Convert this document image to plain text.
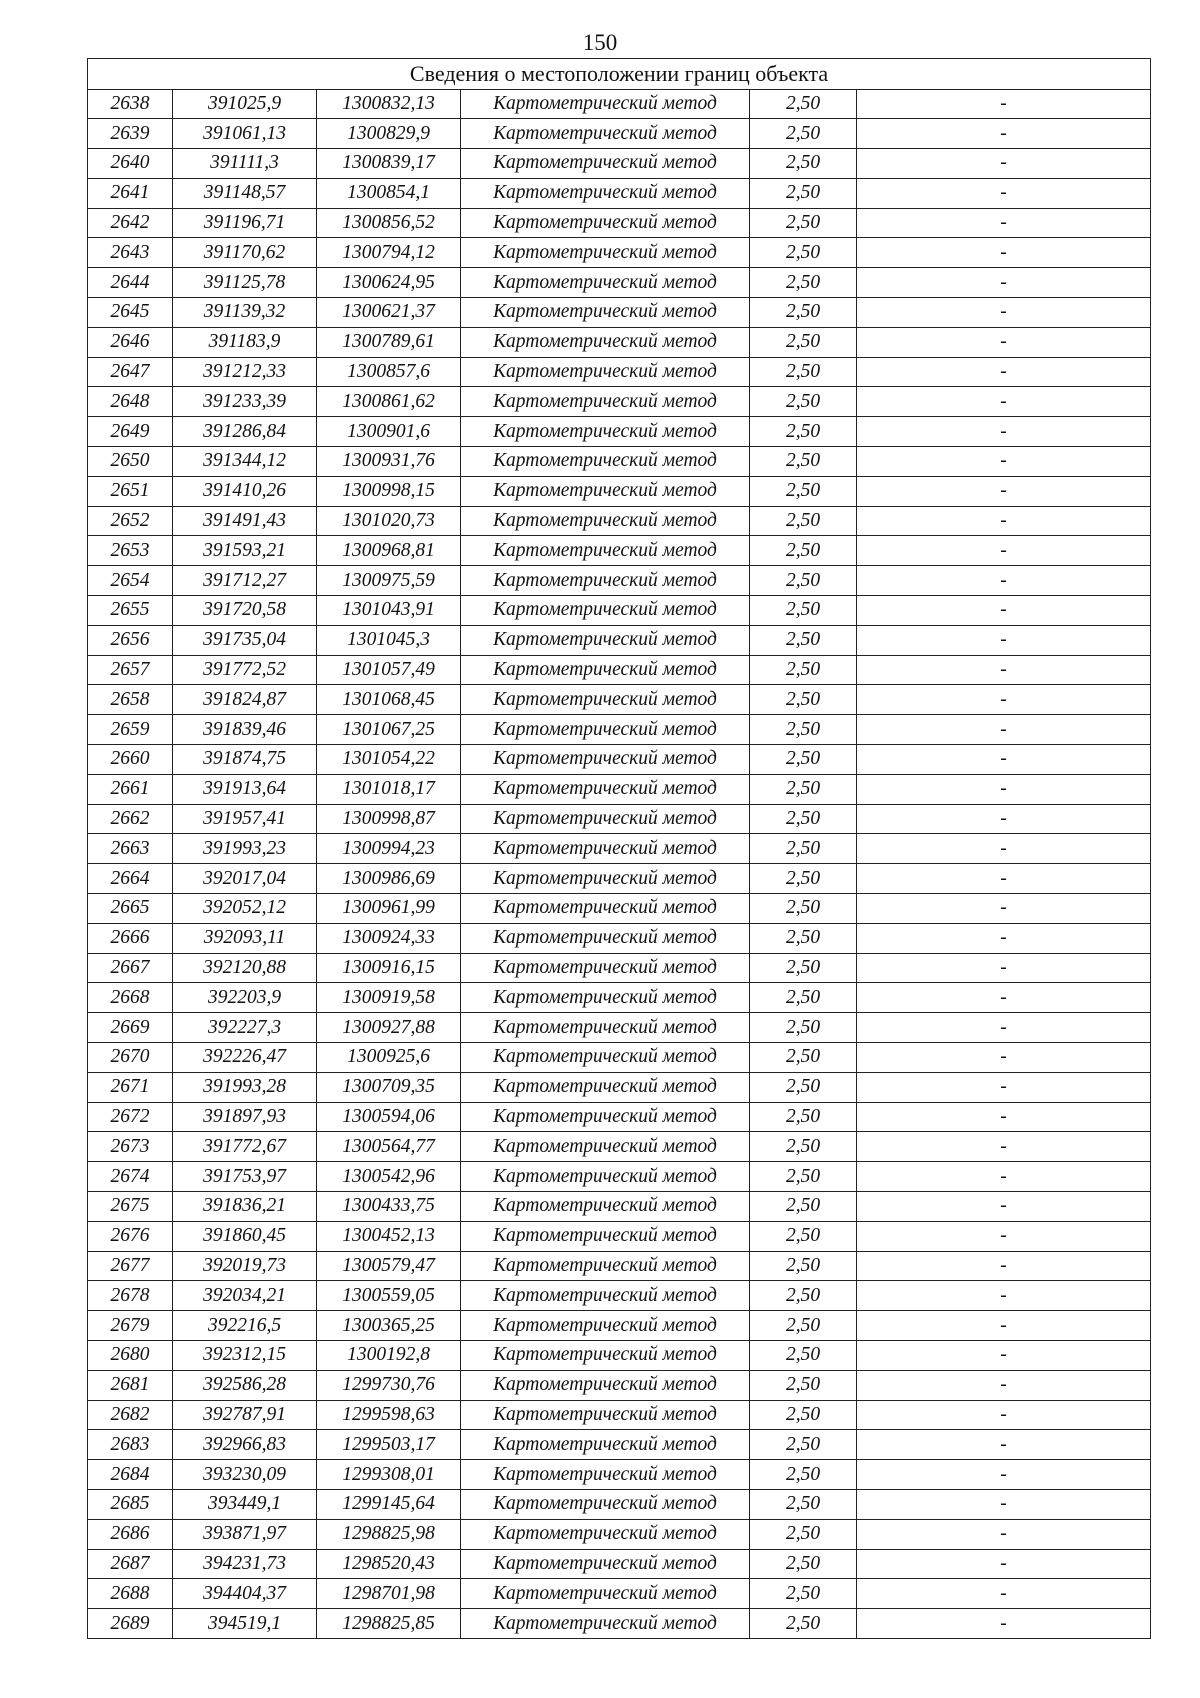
150
Сведения о местоположении границ объекта					
2638	391025,9	1300832,13	Картометрический метод	2,50	-
2639	391061,13	1300829,9	Картометрический метод	2,50	-
2640	391111,3	1300839,17	Картометрический метод	2,50	-
2641	391148,57	1300854,1	Картометрический метод	2,50	-
2642	391196,71	1300856,52	Картометрический метод	2,50	-
2643	391170,62	1300794,12	Картометрический метод	2,50	-
2644	391125,78	1300624,95	Картометрический метод	2,50	-
2645	391139,32	1300621,37	Картометрический метод	2,50	-
2646	391183,9	1300789,61	Картометрический метод	2,50	-
2647	391212,33	1300857,6	Картометрический метод	2,50	-
2648	391233,39	1300861,62	Картометрический метод	2,50	-
2649	391286,84	1300901,6	Картометрический метод	2,50	-
2650	391344,12	1300931,76	Картометрический метод	2,50	-
2651	391410,26	1300998,15	Картометрический метод	2,50	-
2652	391491,43	1301020,73	Картометрический метод	2,50	-
2653	391593,21	1300968,81	Картометрический метод	2,50	-
2654	391712,27	1300975,59	Картометрический метод	2,50	-
2655	391720,58	1301043,91	Картометрический метод	2,50	-
2656	391735,04	1301045,3	Картометрический метод	2,50	-
2657	391772,52	1301057,49	Картометрический метод	2,50	-
2658	391824,87	1301068,45	Картометрический метод	2,50	-
2659	391839,46	1301067,25	Картометрический метод	2,50	-
2660	391874,75	1301054,22	Картометрический метод	2,50	-
2661	391913,64	1301018,17	Картометрический метод	2,50	-
2662	391957,41	1300998,87	Картометрический метод	2,50	-
2663	391993,23	1300994,23	Картометрический метод	2,50	-
2664	392017,04	1300986,69	Картометрический метод	2,50	-
2665	392052,12	1300961,99	Картометрический метод	2,50	-
2666	392093,11	1300924,33	Картометрический метод	2,50	-
2667	392120,88	1300916,15	Картометрический метод	2,50	-
2668	392203,9	1300919,58	Картометрический метод	2,50	-
2669	392227,3	1300927,88	Картометрический метод	2,50	-
2670	392226,47	1300925,6	Картометрический метод	2,50	-
2671	391993,28	1300709,35	Картометрический метод	2,50	-
2672	391897,93	1300594,06	Картометрический метод	2,50	-
2673	391772,67	1300564,77	Картометрический метод	2,50	-
2674	391753,97	1300542,96	Картометрический метод	2,50	-
2675	391836,21	1300433,75	Картометрический метод	2,50	-
2676	391860,45	1300452,13	Картометрический метод	2,50	-
2677	392019,73	1300579,47	Картометрический метод	2,50	-
2678	392034,21	1300559,05	Картометрический метод	2,50	-
2679	392216,5	1300365,25	Картометрический метод	2,50	-
2680	392312,15	1300192,8	Картометрический метод	2,50	-
2681	392586,28	1299730,76	Картометрический метод	2,50	-
2682	392787,91	1299598,63	Картометрический метод	2,50	-
2683	392966,83	1299503,17	Картометрический метод	2,50	-
2684	393230,09	1299308,01	Картометрический метод	2,50	-
2685	393449,1	1299145,64	Картометрический метод	2,50	-
2686	393871,97	1298825,98	Картометрический метод	2,50	-
2687	394231,73	1298520,43	Картометрический метод	2,50	-
2688	394404,37	1298701,98	Картометрический метод	2,50	-
2689	394519,1	1298825,85	Картометрический метод	2,50	-
